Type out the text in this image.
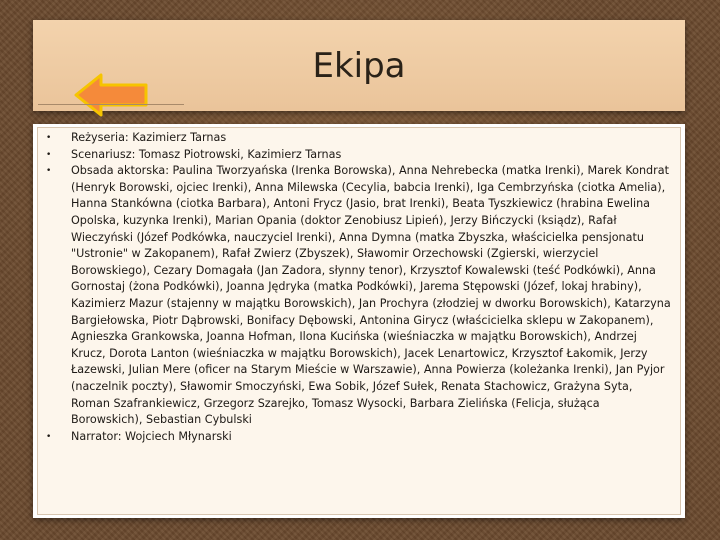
Ekipa
• Reżyseria: Kazimierz Tarnas
• Scenariusz: Tomasz Piotrowski, Kazimierz Tarnas
• Obsada aktorska: Paulina Tworzyańska (Irenka Borowska), Anna Nehrebecka (matka Irenki), Marek Kondrat (Henryk Borowski, ojciec Irenki), Anna Milewska (Cecylia, babcia Irenki), Iga Cembrzyńska (ciotka Amelia), Hanna Stankówna (ciotka Barbara), Antoni Frycz (Jasio, brat Irenki), Beata Tyszkiewicz (hrabina Ewelina Opolska, kuzynka Irenki), Marian Opania (doktor Zenobiusz Lipień), Jerzy Bińczycki (ksiądz), Rafał Wieczyński (Józef Podkówka, nauczyciel Irenki), Anna Dymna (matka Zbyszka, właścicielka pensjonatu "Ustronie" w Zakopanem), Rafał Zwierz (Zbyszek), Sławomir Orzechowski (Zgierski, wierzyciel Borowskiego), Cezary Domagała (Jan Zadora, słynny tenor), Krzysztof Kowalewski (teść Podkówki), Anna Gornostaj (żona Podkówki), Joanna Jędryka (matka Podkówki), Jarema Stępowski (Józef, lokaj hrabiny), Kazimierz Mazur (stajenny w majątku Borowskich), Jan Prochyra (złodziej w dworku Borowskich), Katarzyna Bargiełowska, Piotr Dąbrowski, Bonifacy Dębowski, Antonina Girycz (właścicielka sklepu w Zakopanem), Agnieszka Grankowska, Joanna Hofman, Ilona Kucińska (wieśniaczka w majątku Borowskich), Andrzej Krucz, Dorota Lanton (wieśniaczka w majątku Borowskich), Jacek Lenartowicz, Krzysztof Łakomik, Jerzy Łazewski, Julian Mere (oficer na Starym Mieście w Warszawie), Anna Powierza (koleżanka Irenki), Jan Pyjor (naczelnik poczty), Sławomir Smoczyński, Ewa Sobik, Józef Sułek, Renata Stachowicz, Grażyna Syta, Roman Szafrankiewicz, Grzegorz Szarejko, Tomasz Wysocki, Barbara Zielińska (Felicja, służąca Borowskich), Sebastian Cybulski
• Narrator: Wojciech Młynarski
